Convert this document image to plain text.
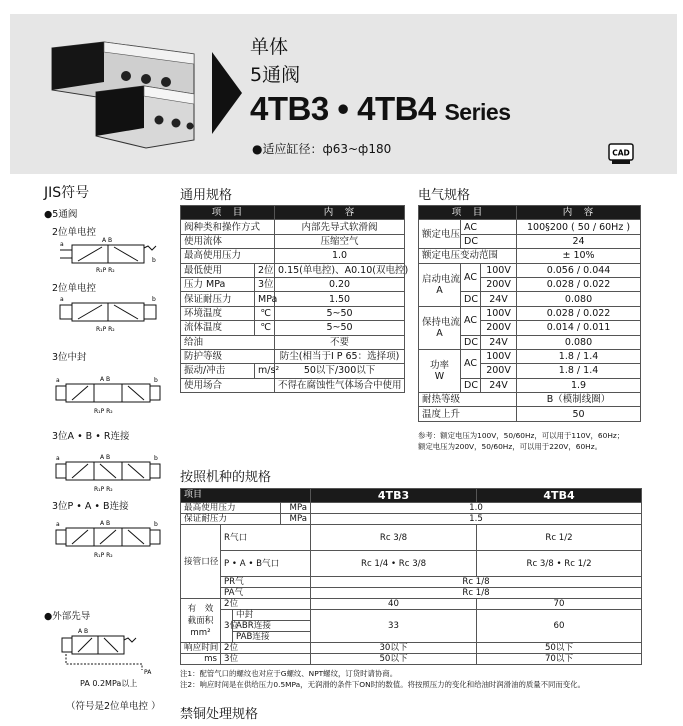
单体
5通阀
4TB3 • 4TB4 Series
●适应缸径：ф63~ф180	CAD
JIS符号
●5通阀
2位单电控
A B
a
b
R₁P R₂
2位单电控
a	b
R₁P R₂
3位中封
A B
a	b
R₁P R₂
3位A • B • R连接
A B
a	b
R₁P R₂
3位P • A • B连接
A B
a	b
R₁P R₂
●外部先导
A B
PA
PA 0.2MPa以上
（符号是2位单电控 ）
通用规格
项　目		内　容
阀种类和操作方式		内部先导式软滑阀
使用流体		压缩空气
最高使用压力		1.0
最低使用	2位	0.15(单电控)、A0.10(双电控)
压力 MPa	3位	0.20
保证耐压力	MPa	1.50
环境温度	℃	5~50
流体温度	℃	5~50
给油		不要
防护等级		防尘(相当于I P 65：选择项)
振动/冲击	m/s²	50以下/300以下
使用场合		不得在腐蚀性气体场合中使用
电气规格
项　目			内　容
额定电压	AC		100§200 ( 50 / 60Hz )
	DC		24
额定电压变动范围			± 10%
启动电流
A	AC	100V	0.056 / 0.044
		200V	0.028 / 0.022
	DC	24V	0.080
保持电流
A	AC	100V	0.028 / 0.022
		200V	0.014 / 0.011
	DC	24V	0.080
功率
W	AC	100V	1.8 / 1.4
		200V	1.8 / 1.4
	DC	24V	1.9
耐热等级			B（模制线圈）
温度上升			50
参考：额定电压为100V，50/60Hz，可以用于110V，60Hz；
额定电压为200V，50/60Hz，可以用于220V，60Hz。
按照机种的规格
项目				4TB3	4TB4
最高使用压力			MPa	1.0	
保证耐压力			MPa	1.5	
接管口径	R气口			Rc 3/8	Rc 1/2
	P • A • B气口			Rc 1/4 • Rc 3/8	Rc 3/8 • Rc 1/2
	PR气			Rc 1/8	
	PA气			Rc 1/8	
有　效
截面积
mm²	2位			40	70
	3位	中封		33	60
		ABR连接			
		PAB连接			
响应时间	2位			30以下	50以下
ms	3位			50以下	70以下
注1：配管气口的螺纹也对应于G螺纹、NPT螺纹，订货时请协商。
注2：响应时间是在供给压力0.5MPa，无润滑的条件下ON时的数值。将按照压力的变化和给油时润滑油的质量不同而变化。
禁铜处理规格
